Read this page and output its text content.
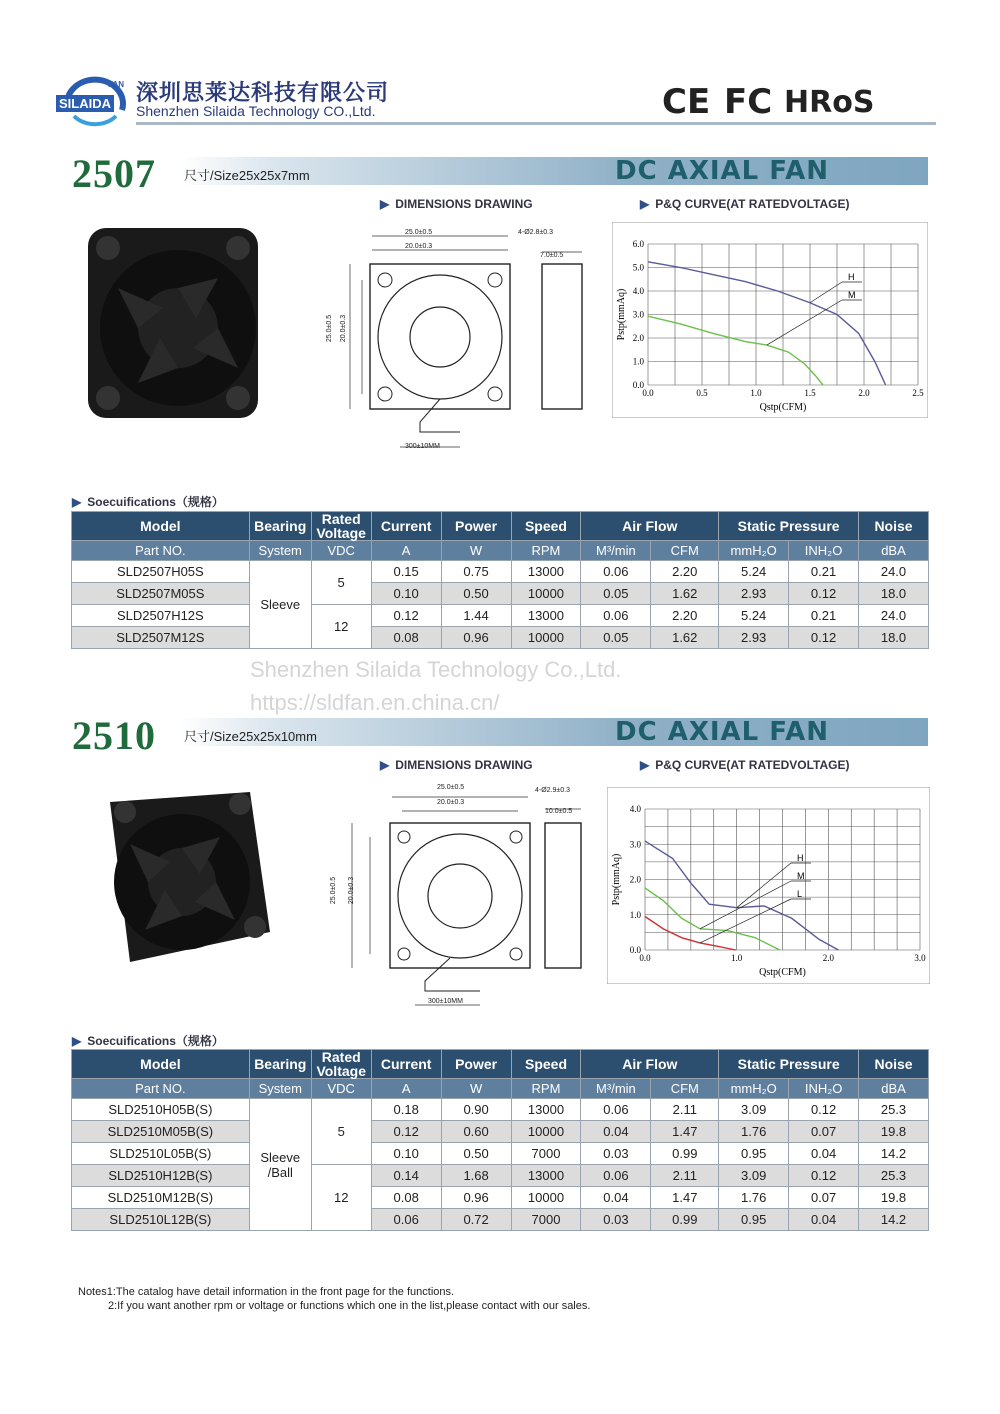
SILAIDA
FAN 深圳思莱达科技有限公司
Shenzhen Silaida Technology CO.,Ltd.	CE FC HRoS
2507 尺寸/Size25x25x7mm	DC AXIAL FAN
▶ DIMENSIONS DRAWING	▶ P&Q CURVE(AT RATEDVOLTAGE)
25.0±0.5
20.0±0.3
4-Ø2.8±0.3
7.0±0.5
25.0±0.5 20.0±0.3
300±10MM
0.0	0.5	1.0	1.5	2.0	2.5
0.0
1.0
2.0
3.0
4.0
5.0
6.0
Qstp(CFM)
Pstp(mmAq)
H
M
▶ Soecuifications（规格）
Model	Bearing	Rated Voltage	Current	Power	Speed	Air Flow		Static Pressure		Noise
Part NO.	System	VDC	A	W	RPM	M³/min	CFM	mmH₂O	INH₂O	dBA
SLD2507H05S	Sleeve	5	0.15	0.75	13000	0.06	2.20	5.24	0.21	24.0
SLD2507M05S			0.10	0.50	10000	0.05	1.62	2.93	0.12	18.0
SLD2507H12S		12	0.12	1.44	13000	0.06	2.20	5.24	0.21	24.0
SLD2507M12S			0.08	0.96	10000	0.05	1.62	2.93	0.12	18.0
Shenzhen Silaida Technology Co.,Ltd.
https://sldfan.en.china.cn/
2510 尺寸/Size25x25x10mm	DC AXIAL FAN
▶ DIMENSIONS DRAWING	▶ P&Q CURVE(AT RATEDVOLTAGE)
25.0±0.5
20.0±0.3
4-Ø2.9±0.3
10.0±0.5
25.0±0.5 20.0±0.3
300±10MM
0.0	1.0	2.0	3.0
0.0
1.0
2.0
3.0
4.0
Qstp(CFM)
Pstp(mmAq)	H
M
L
▶ Soecuifications（规格）
Model	Bearing	Rated Voltage	Current	Power	Speed	Air Flow		Static Pressure		Noise
Part NO.	System	VDC	A	W	RPM	M³/min	CFM	mmH₂O	INH₂O	dBA
SLD2510H05B(S)	Sleeve
/Ball	5	0.18	0.90	13000	0.06	2.11	3.09	0.12	25.3
SLD2510M05B(S)			0.12	0.60	10000	0.04	1.47	1.76	0.07	19.8
SLD2510L05B(S)			0.10	0.50	7000	0.03	0.99	0.95	0.04	14.2
SLD2510H12B(S)		12	0.14	1.68	13000	0.06	2.11	3.09	0.12	25.3
SLD2510M12B(S)			0.08	0.96	10000	0.04	1.47	1.76	0.07	19.8
SLD2510L12B(S)			0.06	0.72	7000	0.03	0.99	0.95	0.04	14.2
Notes1:The catalog have detail information in the front page for the functions.
2:If you want another rpm or voltage or functions which one in the list,please contact with our sales.
